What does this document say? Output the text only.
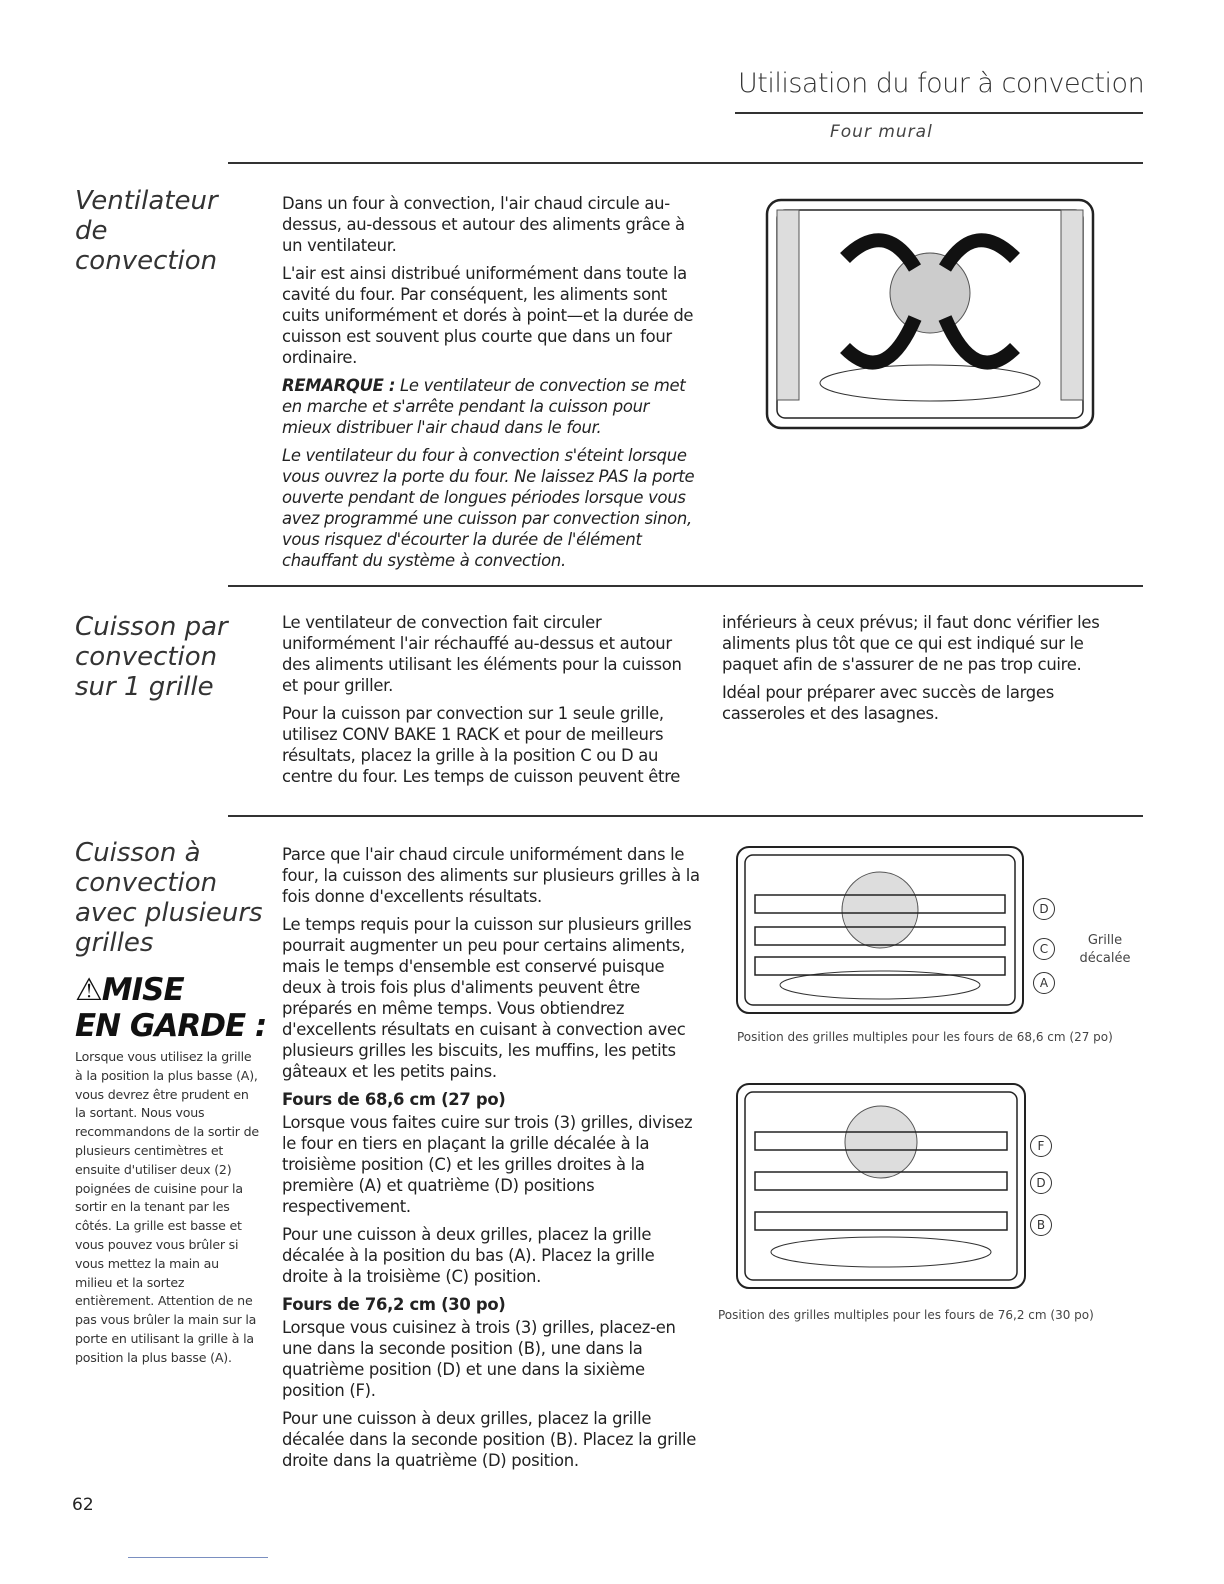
Utilisation du four à convection
Four mural
Ventilateur de convection

Dans un four à convection, l'air chaud circule au-dessus, au-dessous et autour des aliments grâce à un ventilateur.

L'air est ainsi distribué uniformément dans toute la cavité du four. Par conséquent, les aliments sont cuits uniformément et dorés à point—et la durée de cuisson est souvent plus courte que dans un four ordinaire.

REMARQUE : Le ventilateur de convection se met en marche et s'arrête pendant la cuisson pour mieux distribuer l'air chaud dans le four.

Le ventilateur du four à convection s'éteint lorsque vous ouvrez la porte du four. Ne laissez PAS la porte ouverte pendant de longues périodes lorsque vous avez programmé une cuisson par convection sinon, vous risquez d'écourter la durée de l'élément chauffant du système à convection.

Cuisson par convection sur 1 grille

Le ventilateur de convection fait circuler uniformément l'air réchauffé au-dessus et autour des aliments utilisant les éléments pour la cuisson et pour griller.

Pour la cuisson par convection sur 1 seule grille, utilisez CONV BAKE 1 RACK et pour de meilleurs résultats, placez la grille à la position C ou D au centre du four. Les temps de cuisson peuvent être

inférieurs à ceux prévus; il faut donc vérifier les aliments plus tôt que ce qui est indiqué sur le paquet afin de s'assurer de ne pas trop cuire.

Idéal pour préparer avec succès de larges casseroles et des lasagnes.

Cuisson à convection avec plusieurs grilles
⚠MISE
EN GARDE :
Lorsque vous utilisez la grille à la position la plus basse (A), vous devrez être prudent en la sortant. Nous vous recommandons de la sortir de plusieurs centimètres et ensuite d'utiliser deux (2) poignées de cuisine pour la sortir en la tenant par les côtés. La grille est basse et vous pouvez vous brûler si vous mettez la main au milieu et la sortez entièrement. Attention de ne pas vous brûler la main sur la porte en utilisant la grille à la position la plus basse (A).

Parce que l'air chaud circule uniformément dans le four, la cuisson des aliments sur plusieurs grilles à la fois donne d'excellents résultats.

Le temps requis pour la cuisson sur plusieurs grilles pourrait augmenter un peu pour certains aliments, mais le temps d'ensemble est conservé puisque deux à trois fois plus d'aliments peuvent être préparés en même temps. Vous obtiendrez d'excellents résultats en cuisant à convection avec plusieurs grilles les biscuits, les muffins, les petits gâteaux et les petits pains.

Fours de 68,6 cm (27 po)

Lorsque vous faites cuire sur trois (3) grilles, divisez le four en tiers en plaçant la grille décalée à la troisième position (C) et les grilles droites à la première (A) et quatrième (D) positions respectivement.

Pour une cuisson à deux grilles, placez la grille décalée à la position du bas (A). Placez la grille droite à la troisième (C) position.

Fours de 76,2 cm (30 po)

Lorsque vous cuisinez à trois (3) grilles, placez-en une dans la seconde position (B), une dans la quatrième position (D) et une dans la sixième position (F).

Pour une cuisson à deux grilles, placez la grille décalée dans la seconde position (B). Placez la grille droite dans la quatrième (D) position.

D
C
A
Grille décalée
Position des grilles multiples pour les fours de 68,6 cm (27 po)
F
D
B
Position des grilles multiples pour les fours de 76,2 cm (30 po)
62
